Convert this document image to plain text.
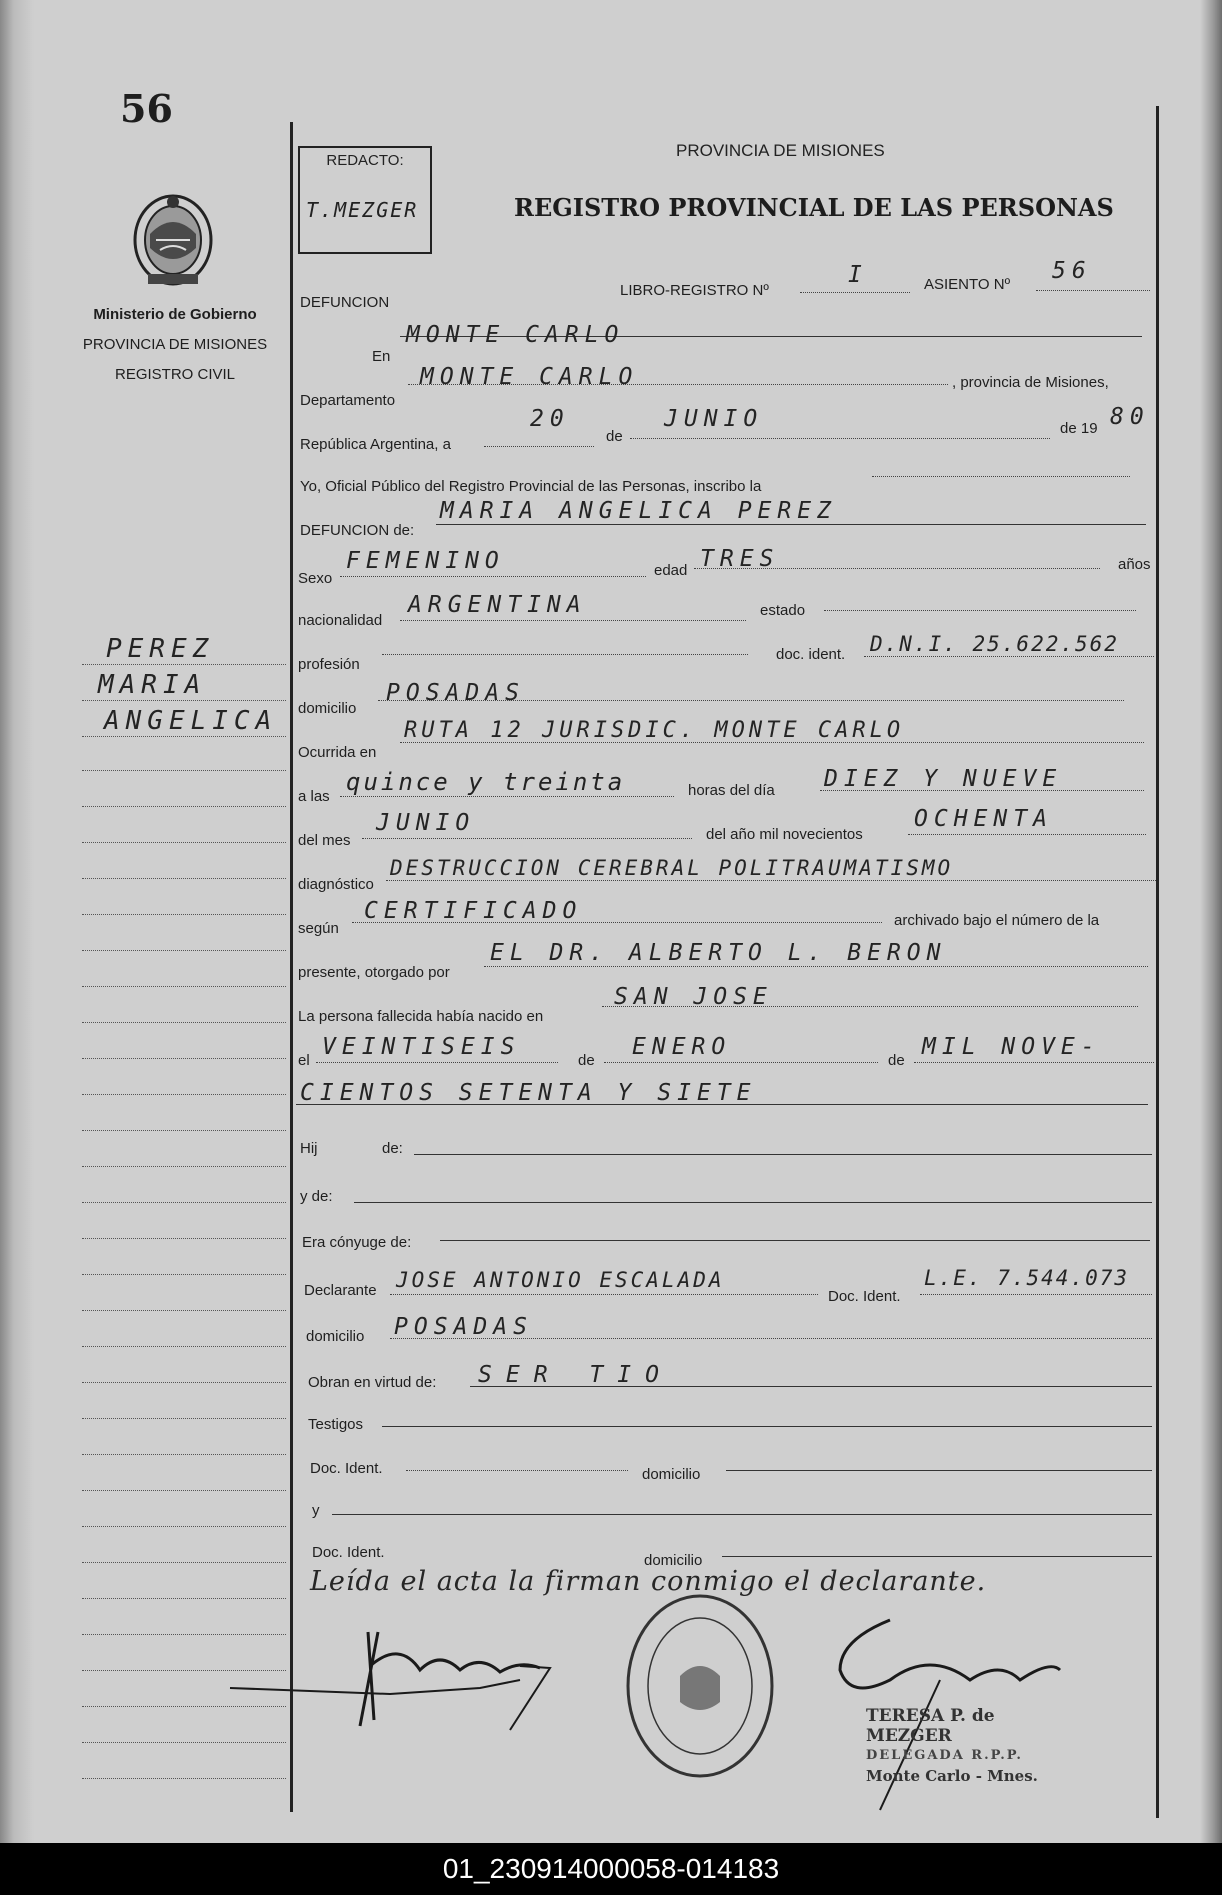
56
Ministerio de Gobierno
PROVINCIA DE MISIONES
REGISTRO CIVIL
PEREZ
MARIA
ANGELICA
REDACTO:
T.MEZGER
PROVINCIA DE MISIONES
REGISTRO PROVINCIAL DE LAS PERSONAS
DEFUNCION
LIBRO-REGISTRO Nº
I	ASIENTO Nº
56
En
MONTE CARLO
Departamento
MONTE CARLO	, provincia de Misiones,
República Argentina, a
20
de
JUNIO	de 19 80
Yo, Oficial Público del Registro Provincial de las Personas, inscribo la
DEFUNCION de:
MARIA ANGELICA PEREZ
Sexo
FEMENINO	edad TRES	años
nacionalidad
ARGENTINA	estado
profesión
doc. ident. D.N.I. 25.622.562
domicilio
POSADAS
Ocurrida en
RUTA 12 JURISDIC. MONTE CARLO
a las
quince y treinta	horas del día DIEZ Y NUEVE
del mes
JUNIO	del año mil novecientos
OCHENTA
diagnóstico
DESTRUCCION CEREBRAL POLITRAUMATISMO
según
CERTIFICADO	archivado bajo el número de la
presente, otorgado por
EL DR. ALBERTO L. BERON
La persona fallecida había nacido en
SAN JOSE
el
VEINTISEIS
de
ENERO
de
MIL NOVE-
CIENTOS SETENTA Y SIETE
Hij	de:
y de:
Era cónyuge de:
Declarante JOSE ANTONIO ESCALADA
Doc. Ident.
L.E. 7.544.073
domicilio POSADAS
Obran en virtud de: SER TIO
Testigos
Doc. Ident.	domicilio
y
Doc. Ident.	domicilio
Leída el acta la firman conmigo el declarante.
TERESA P. de MEZGER
DELEGADA R.P.P.
Monte Carlo - Mnes.
01_230914000058-014183
